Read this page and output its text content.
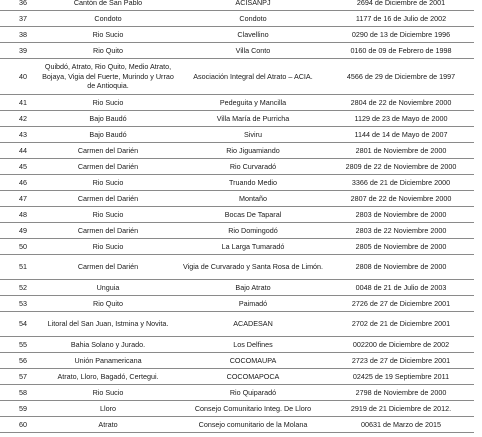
36	Cantón de San Pablo	ACISANPJ	2694 de Diciembre de 2001
37	Condoto	Condoto	1177 de 16 de Julio de 2002
38	Rio Sucio	Clavellino	0290 de 13 de Diciembre 1996
39	Rio Quito	Villa Conto	0160 de 09 de Febrero de 1998
40	Quibdó, Atrato, Rio Quito, Medio Atrato, Bojaya, Vigia del Fuerte, Murindo y Urrao de Antioquia.	Asociación Integral del Atrato – ACIA.	4566 de 29 de Diciembre de 1997
41	Rio Sucio	Pedeguita y Mancilla	2804 de 22 de Noviembre 2000
42	Bajo Baudó	Villa María de Purricha	1129 de 23 de Mayo de 2000
43	Bajo Baudó	Siviru	1144 de 14 de Mayo de 2007
44	Carmen del Darién	Rio Jiguamiando	2801 de Noviembre de 2000
45	Carmen del Darién	Rio Curvaradó	2809 de 22 de Noviembre de 2000
46	Rio Sucio	Truando Medio	3366 de 21 de Diciembre 2000
47	Carmen del Darién	Montaño	2807 de 22 de Noviembre 2000
48	Rio Sucio	Bocas De Taparal	2803 de Noviembre de 2000
49	Carmen del Darién	Rio Domingodó	2803 de 22 Noviembre 2000
50	Rio Sucio	La Larga Tumaradó	2805 de Noviembre de 2000
51	Carmen del Darién	Vigia de Curvarado y Santa Rosa de Limón.	2808 de Noviembre de 2000
52	Unguia	Bajo Atrato	0048 de 21 de Julio de 2003
53	Rio Quito	Paimadó	2726 de 27 de Diciembre 2001
54	Litoral del San Juan, Istmina y Novita.	ACADESAN	2702 de 21 de Diciembre 2001
55	Bahia Solano y Jurado.	Los Delfines	002200 de Diciembre de 2002
56	Unión Panamericana	COCOMAUPA	2723 de 27 de Diciembre 2001
57	Atrato, Lloro, Bagadó, Certegui.	COCOMAPOCA	02425 de 19 Septiembre 2011
58	Rio Sucio	Rio Quiparadó	2798 de Noviembre de 2000
59	Lloro	Consejo Comunitario Integ. De Lloro	2919 de 21 Diciembre de 2012.
60	Atrato	Consejo comunitario de la Molana	00631 de Marzo de 2015
